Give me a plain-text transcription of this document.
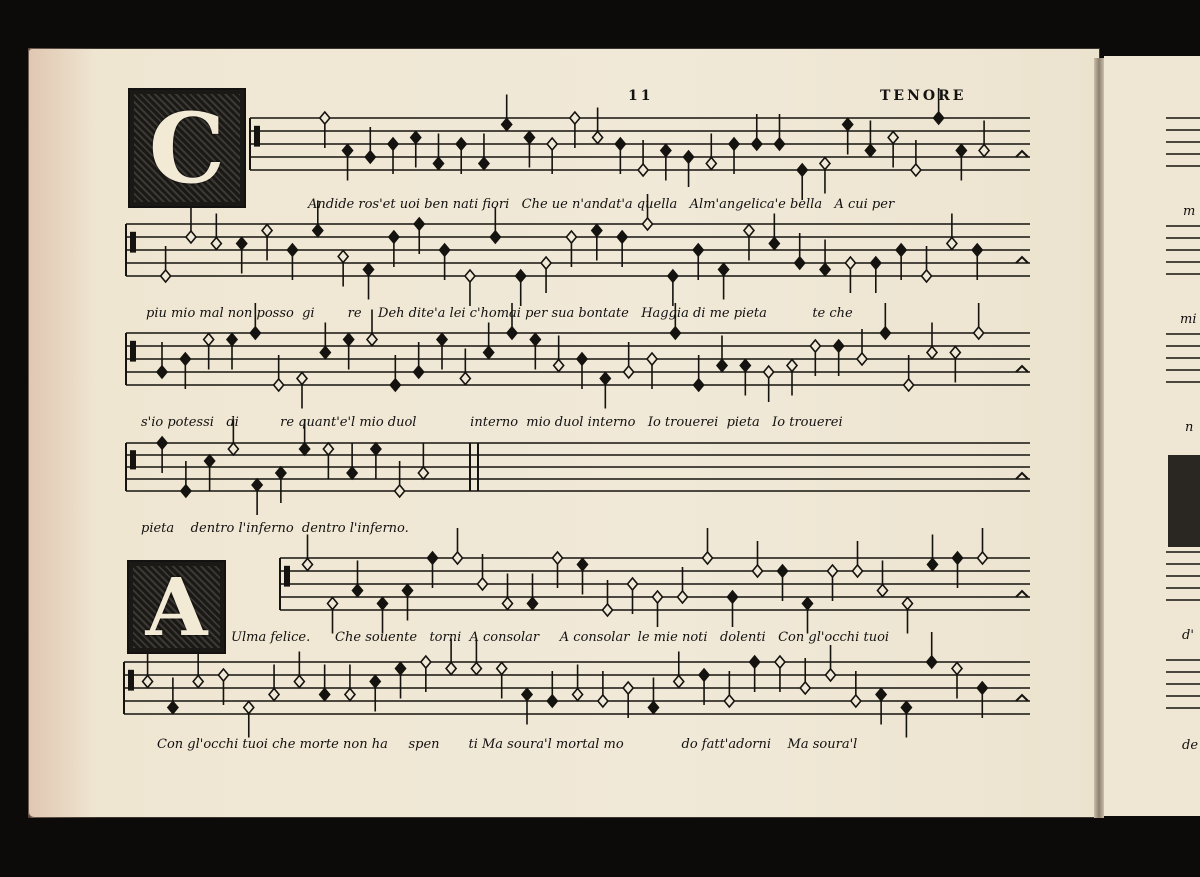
11	TENORE
C
A
Andide ros'et uoi ben nati fiori   Che ue n'andat'a quella   Alm'angelica'e bella   A cui per
piu mio mal non posso  gi        re    Deh dite'a lei c'homai per sua bontate   Haggia di me pieta           te che
s'io potessi   di          re quant'e'l mio duol             interno  mio duol interno   Io trouerei  pieta   Io trouerei
pieta    dentro l'inferno  dentro l'inferno.
Ulma felice.      Che souente   torni  A consolar     A consolar  le mie noti   dolenti   Con gl'occhi tuoi
Con gl'occhi tuoi che morte non ha     spen       ti Ma soura'l mortal mo              do fatt'adorni    Ma soura'l
m
mi
n
d'
de
